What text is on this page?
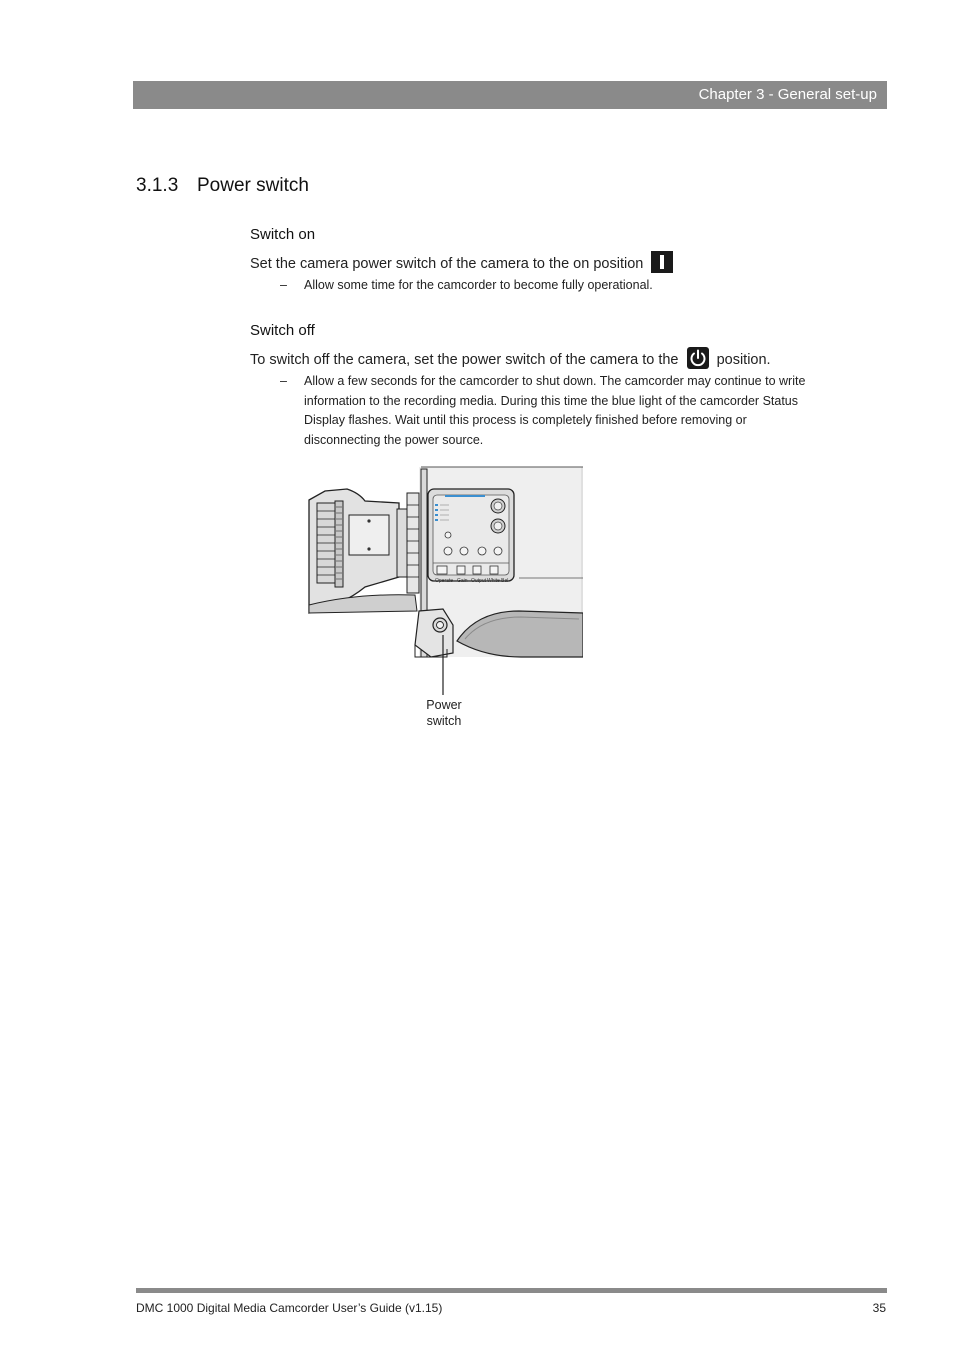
Chapter 3 - General set-up
3.1.3 Power switch
Switch on
Set the camera power switch of the camera to the on position
– Allow some time for the camcorder to become fully operational.
Switch off
To switch off the camera, set the power switch of the camera to the	position.
– Allow a few seconds for the camcorder to shut down. The camcorder may continue to write
information to the recording media. During this time the blue light of the camcorder Status
Display flashes. Wait until this process is completely finished before removing or
disconnecting the power source.
Operate Gain Output White Bal
Power
switch
DMC 1000 Digital Media Camcorder User’s Guide (v1.15)	35
